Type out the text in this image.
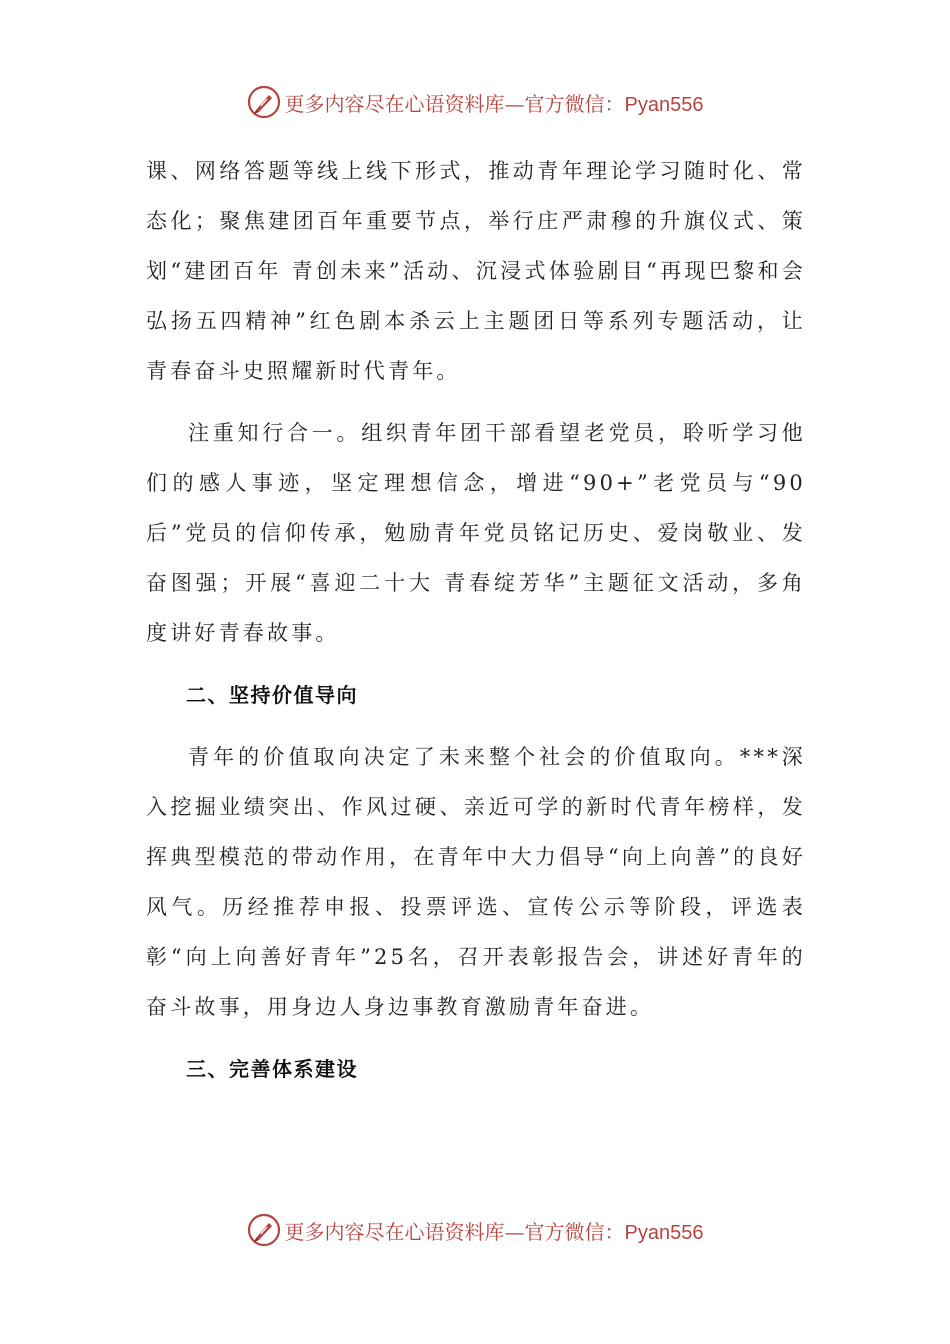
更多内容尽在心语资料库—官方微信：Pyan556

课、网络答题等线上线下形式，推动青年理论学习随时化、常态化；聚焦建团百年重要节点，举行庄严肃穆的升旗仪式、策划“建团百年 青创未来”活动、沉浸式体验剧目“再现巴黎和会 弘扬五四精神”红色剧本杀云上主题团日等系列专题活动，让青春奋斗史照耀新时代青年。

注重知行合一。组织青年团干部看望老党员，聆听学习他们的感人事迹，坚定理想信念，增进“90+”老党员与“90后”党员的信仰传承，勉励青年党员铭记历史、爱岗敬业、发奋图强；开展“喜迎二十大 青春绽芳华”主题征文活动，多角度讲好青春故事。

二、坚持价值导向

青年的价值取向决定了未来整个社会的价值取向。***深入挖掘业绩突出、作风过硬、亲近可学的新时代青年榜样，发挥典型模范的带动作用，在青年中大力倡导“向上向善”的良好风气。历经推荐申报、投票评选、宣传公示等阶段，评选表彰“向上向善好青年”25名，召开表彰报告会，讲述好青年的奋斗故事，用身边人身边事教育激励青年奋进。

三、完善体系建设
更多内容尽在心语资料库—官方微信：Pyan556
